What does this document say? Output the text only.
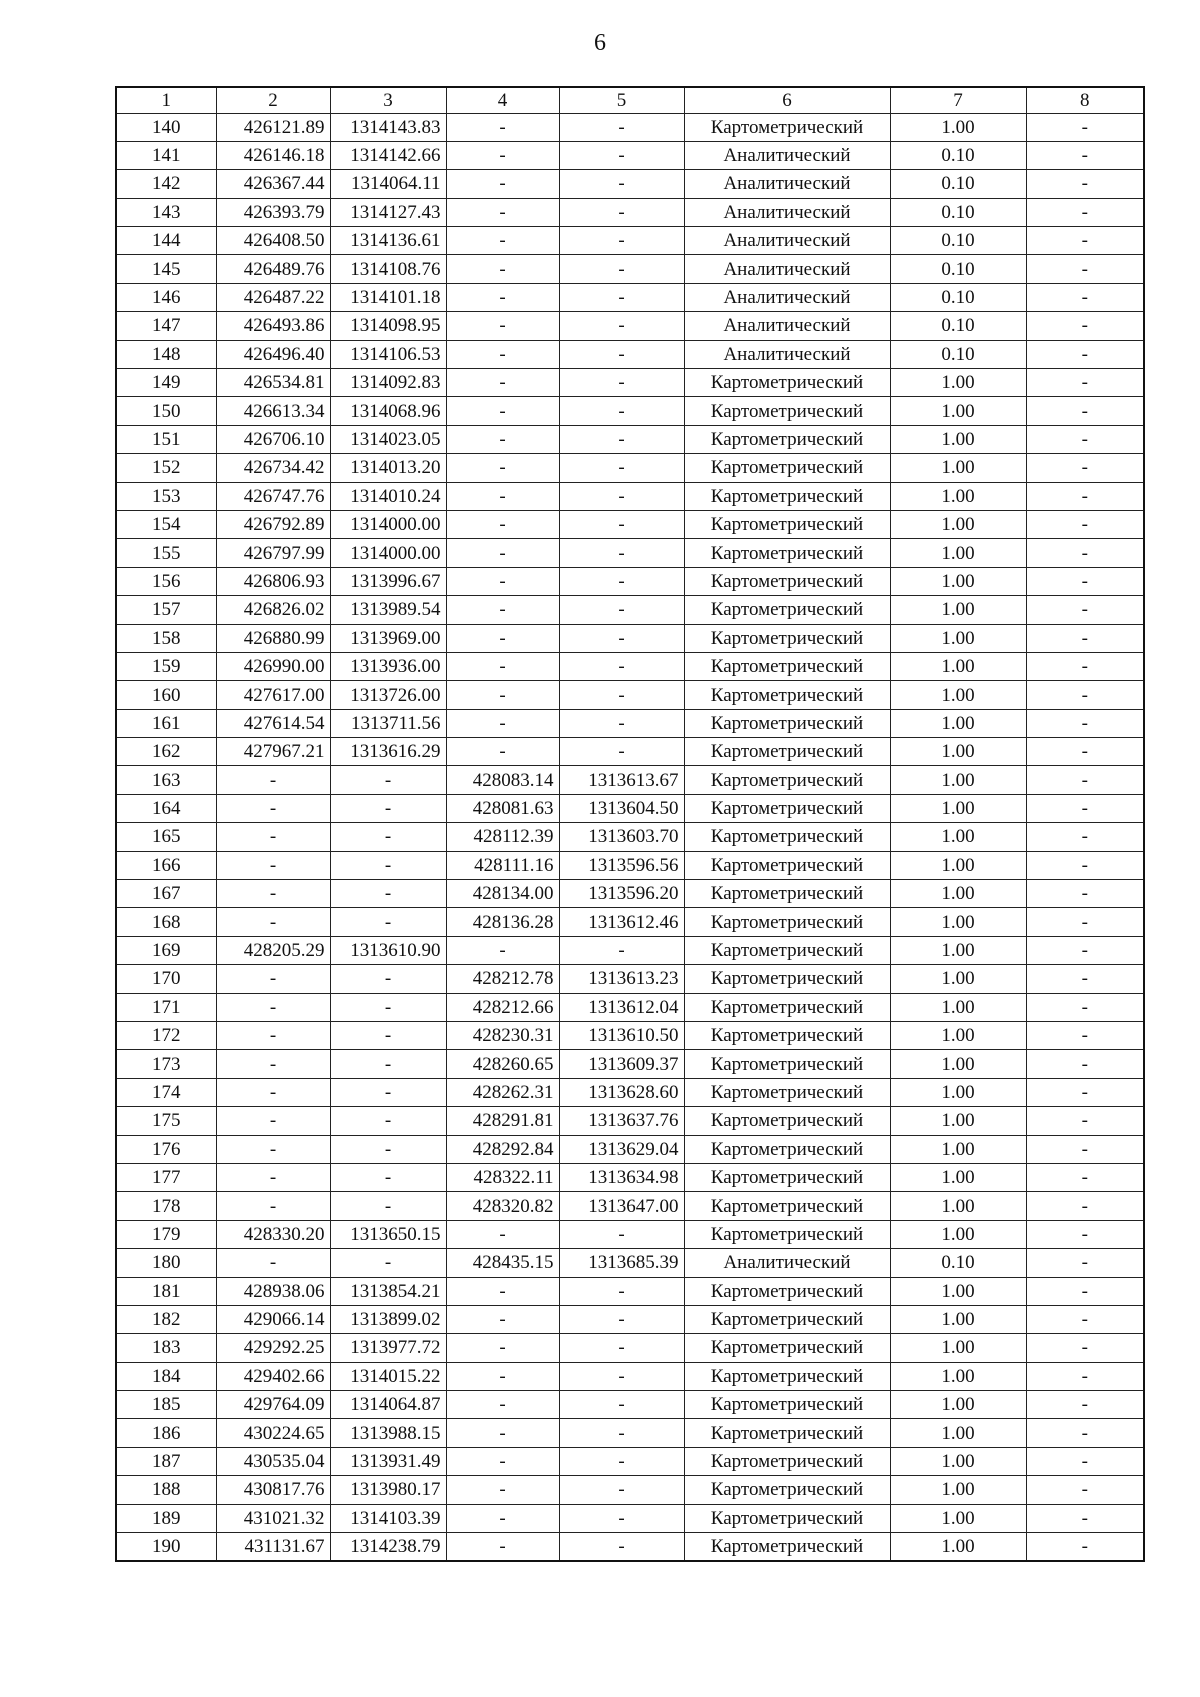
6
1	2	3	4	5	6	7	8
140	426121.89	1314143.83	-	-	Картометрический	1.00	-
141	426146.18	1314142.66	-	-	Аналитический	0.10	-
142	426367.44	1314064.11	-	-	Аналитический	0.10	-
143	426393.79	1314127.43	-	-	Аналитический	0.10	-
144	426408.50	1314136.61	-	-	Аналитический	0.10	-
145	426489.76	1314108.76	-	-	Аналитический	0.10	-
146	426487.22	1314101.18	-	-	Аналитический	0.10	-
147	426493.86	1314098.95	-	-	Аналитический	0.10	-
148	426496.40	1314106.53	-	-	Аналитический	0.10	-
149	426534.81	1314092.83	-	-	Картометрический	1.00	-
150	426613.34	1314068.96	-	-	Картометрический	1.00	-
151	426706.10	1314023.05	-	-	Картометрический	1.00	-
152	426734.42	1314013.20	-	-	Картометрический	1.00	-
153	426747.76	1314010.24	-	-	Картометрический	1.00	-
154	426792.89	1314000.00	-	-	Картометрический	1.00	-
155	426797.99	1314000.00	-	-	Картометрический	1.00	-
156	426806.93	1313996.67	-	-	Картометрический	1.00	-
157	426826.02	1313989.54	-	-	Картометрический	1.00	-
158	426880.99	1313969.00	-	-	Картометрический	1.00	-
159	426990.00	1313936.00	-	-	Картометрический	1.00	-
160	427617.00	1313726.00	-	-	Картометрический	1.00	-
161	427614.54	1313711.56	-	-	Картометрический	1.00	-
162	427967.21	1313616.29	-	-	Картометрический	1.00	-
163	-	-	428083.14	1313613.67	Картометрический	1.00	-
164	-	-	428081.63	1313604.50	Картометрический	1.00	-
165	-	-	428112.39	1313603.70	Картометрический	1.00	-
166	-	-	428111.16	1313596.56	Картометрический	1.00	-
167	-	-	428134.00	1313596.20	Картометрический	1.00	-
168	-	-	428136.28	1313612.46	Картометрический	1.00	-
169	428205.29	1313610.90	-	-	Картометрический	1.00	-
170	-	-	428212.78	1313613.23	Картометрический	1.00	-
171	-	-	428212.66	1313612.04	Картометрический	1.00	-
172	-	-	428230.31	1313610.50	Картометрический	1.00	-
173	-	-	428260.65	1313609.37	Картометрический	1.00	-
174	-	-	428262.31	1313628.60	Картометрический	1.00	-
175	-	-	428291.81	1313637.76	Картометрический	1.00	-
176	-	-	428292.84	1313629.04	Картометрический	1.00	-
177	-	-	428322.11	1313634.98	Картометрический	1.00	-
178	-	-	428320.82	1313647.00	Картометрический	1.00	-
179	428330.20	1313650.15	-	-	Картометрический	1.00	-
180	-	-	428435.15	1313685.39	Аналитический	0.10	-
181	428938.06	1313854.21	-	-	Картометрический	1.00	-
182	429066.14	1313899.02	-	-	Картометрический	1.00	-
183	429292.25	1313977.72	-	-	Картометрический	1.00	-
184	429402.66	1314015.22	-	-	Картометрический	1.00	-
185	429764.09	1314064.87	-	-	Картометрический	1.00	-
186	430224.65	1313988.15	-	-	Картометрический	1.00	-
187	430535.04	1313931.49	-	-	Картометрический	1.00	-
188	430817.76	1313980.17	-	-	Картометрический	1.00	-
189	431021.32	1314103.39	-	-	Картометрический	1.00	-
190	431131.67	1314238.79	-	-	Картометрический	1.00	-
